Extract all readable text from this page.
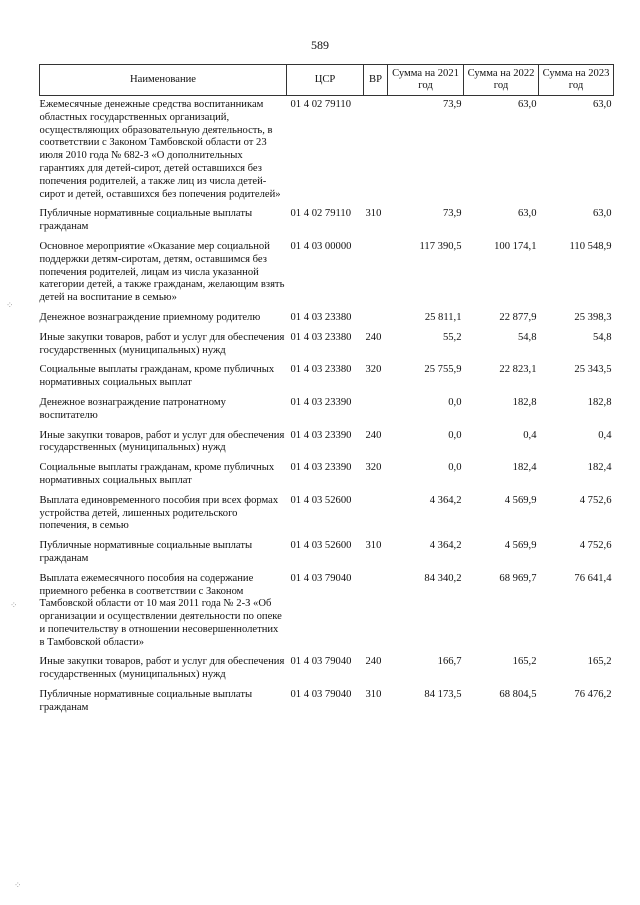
589
Наименование	ЦСР	ВР	Сумма на 2021 год	Сумма на 2022 год	Сумма на 2023 год
Ежемесячные денежные средства воспитанникам областных государственных организаций, осуществляющих образовательную деятельность, в соответствии с Законом Тамбовской области от 23 июля 2010 года № 682-З «О дополнительных гарантиях для детей-сирот, детей оставшихся без попечения родителей, а также лиц из числа детей-сирот и детей, оставшихся без попечения родителей»	01 4 02 79110		73,9	63,0	63,0
Публичные нормативные социальные выплаты гражданам	01 4 02 79110	310	73,9	63,0	63,0
Основное мероприятие «Оказание мер социальной поддержки детям-сиротам, детям, оставшимся без попечения родителей, лицам из числа указанной категории детей, а также гражданам, желающим взять детей на воспитание в семью»	01 4 03 00000		117 390,5	100 174,1	110 548,9
Денежное вознаграждение приемному родителю	01 4 03 23380		25 811,1	22 877,9	25 398,3
Иные закупки товаров, работ и услуг для обеспечения государственных (муниципальных) нужд	01 4 03 23380	240	55,2	54,8	54,8
Социальные выплаты гражданам, кроме публичных нормативных социальных выплат	01 4 03 23380	320	25 755,9	22 823,1	25 343,5
Денежное вознаграждение патронатному воспитателю	01 4 03 23390		0,0	182,8	182,8
Иные закупки товаров, работ и услуг для обеспечения государственных (муниципальных) нужд	01 4 03 23390	240	0,0	0,4	0,4
Социальные выплаты гражданам, кроме публичных нормативных социальных выплат	01 4 03 23390	320	0,0	182,4	182,4
Выплата единовременного пособия при всех формах устройства детей, лишенных родительского попечения, в семью	01 4 03 52600		4 364,2	4 569,9	4 752,6
Публичные нормативные социальные выплаты гражданам	01 4 03 52600	310	4 364,2	4 569,9	4 752,6
Выплата ежемесячного пособия на содержание приемного ребенка в соответствии с Законом Тамбовской области от 10 мая 2011 года № 2-З «Об организации и осуществлении деятельности по опеке и попечительству в отношении несовершеннолетних в Тамбовской области»	01 4 03 79040		84 340,2	68 969,7	76 641,4
Иные закупки товаров, работ и услуг для обеспечения государственных (муниципальных) нужд	01 4 03 79040	240	166,7	165,2	165,2
Публичные нормативные социальные выплаты гражданам	01 4 03 79040	310	84 173,5	68 804,5	76 476,2
⁘
⁘
⁘
